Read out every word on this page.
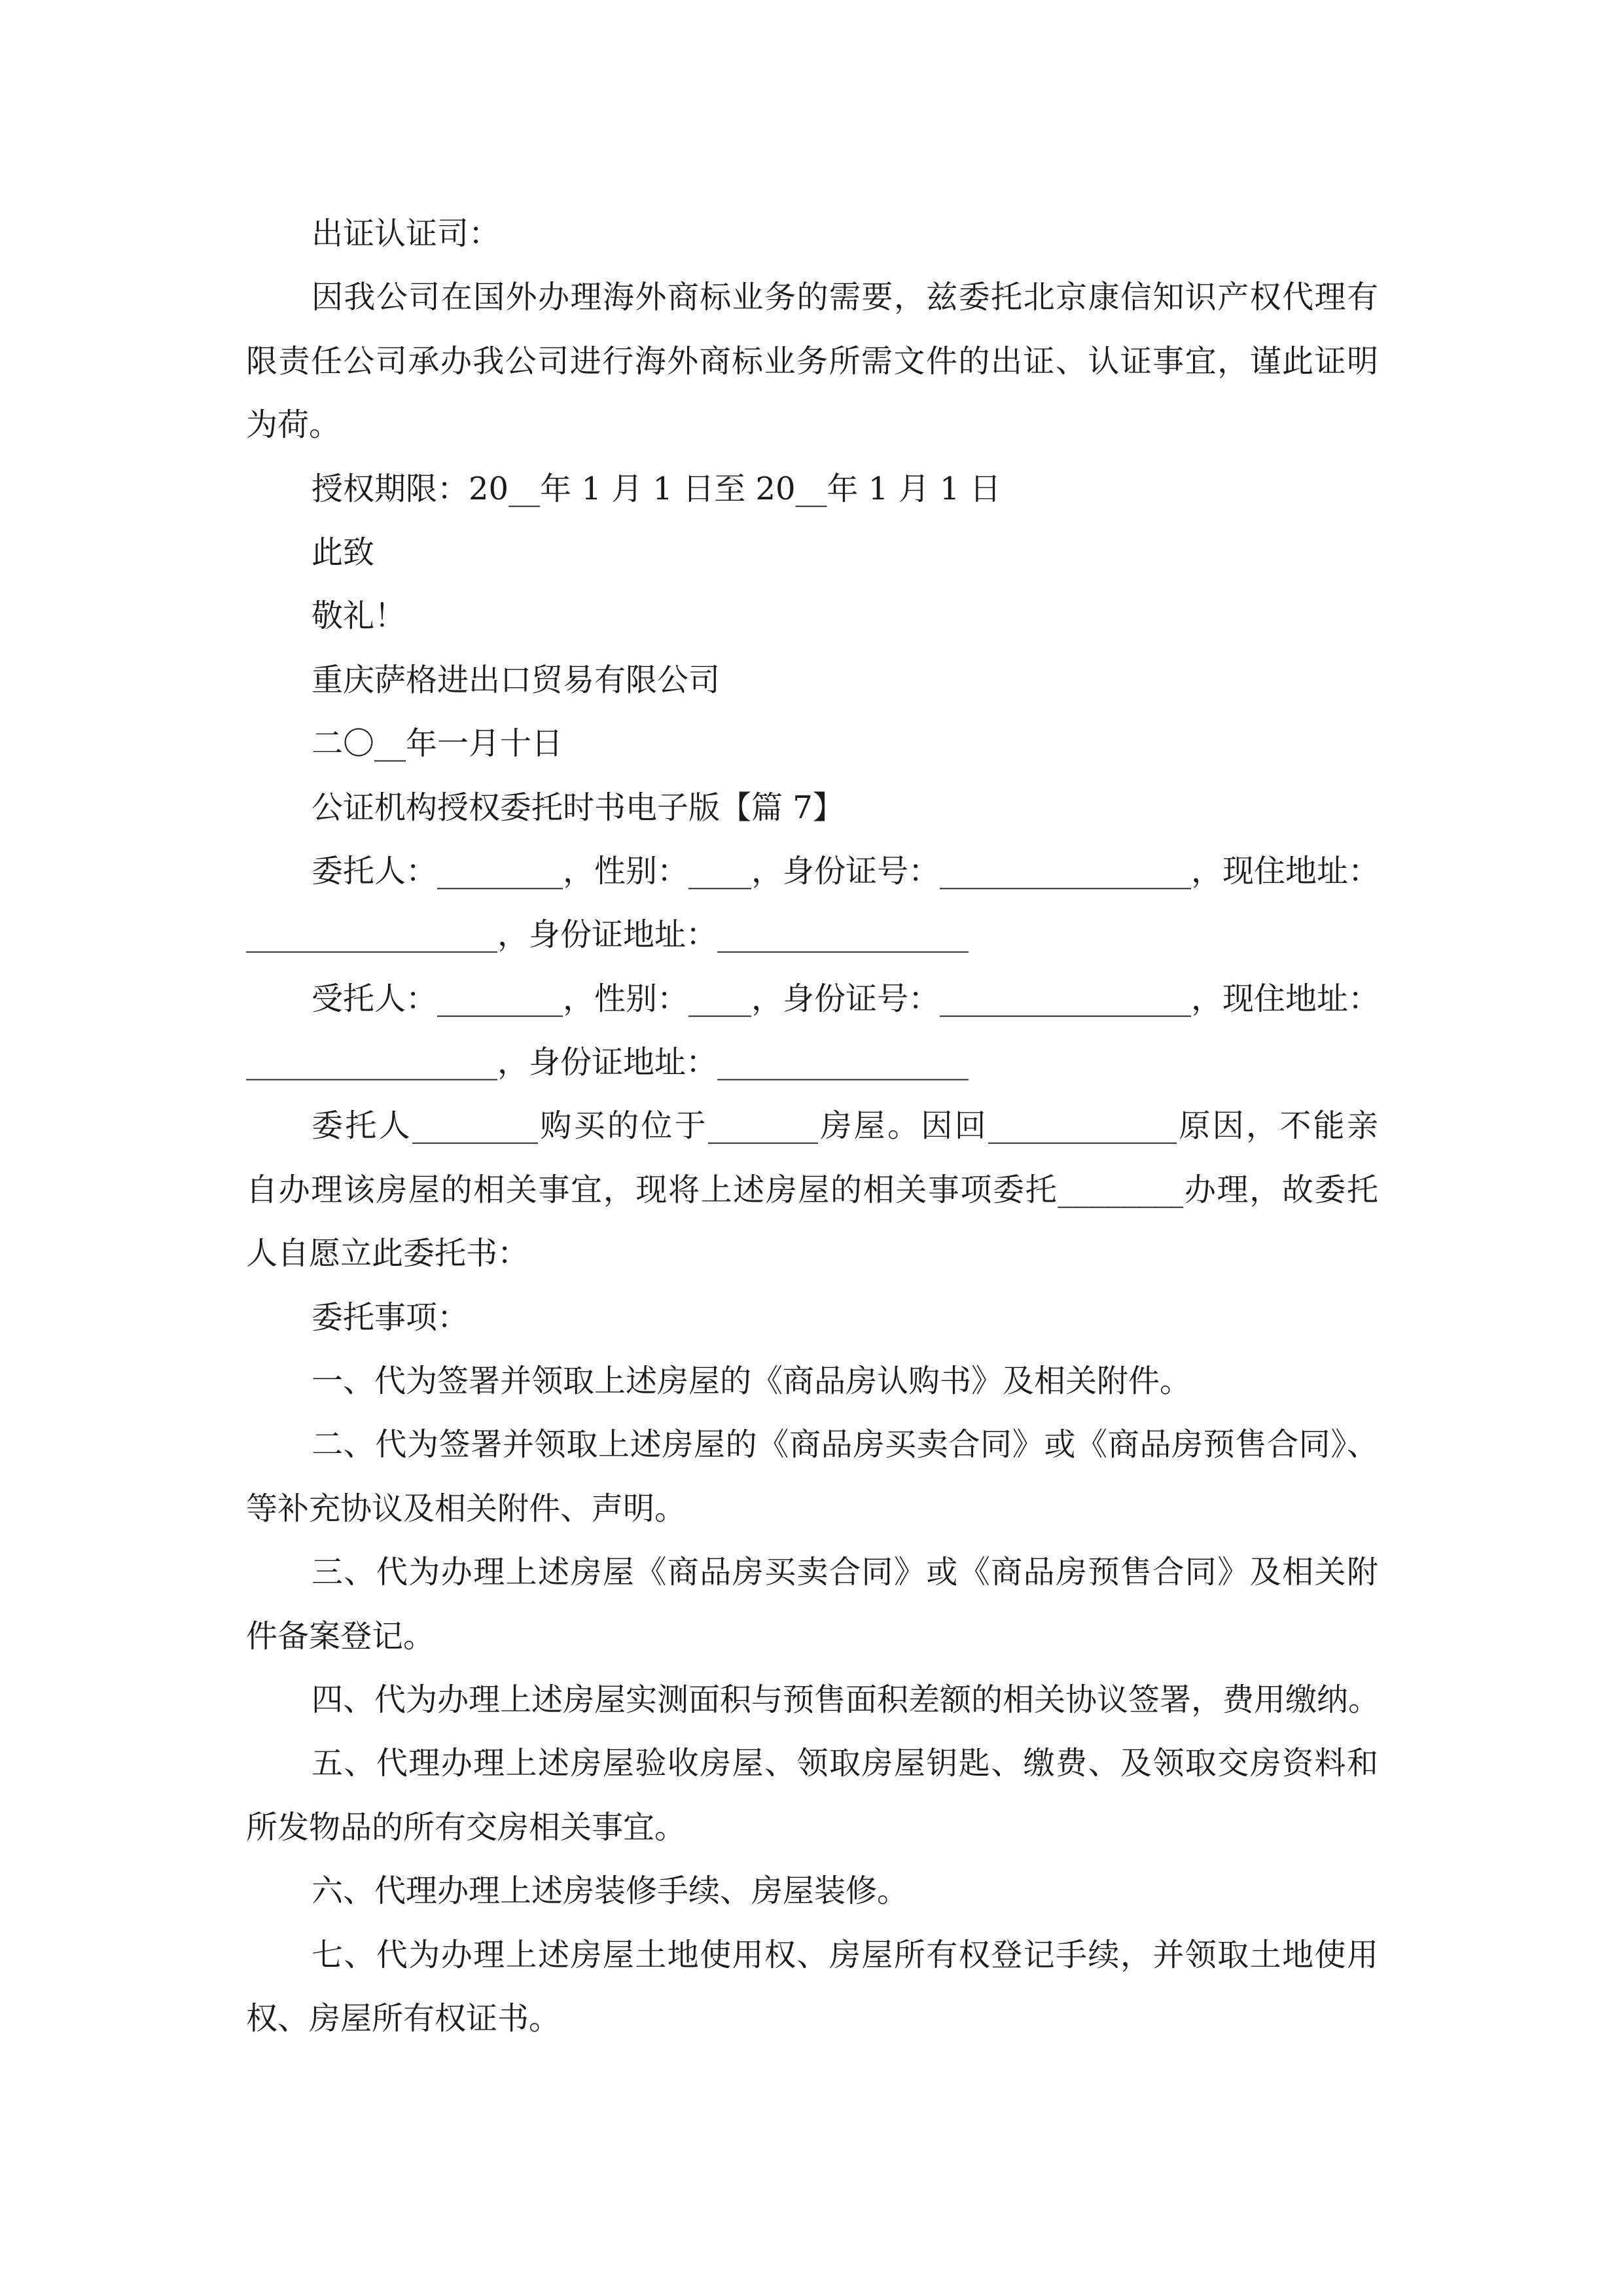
出证认证司：
因我公司在国外办理海外商标业务的需要，兹委托北京康信知识产权代理有
限责任公司承办我公司进行海外商标业务所需文件的出证、认证事宜，谨此证明
为荷。
授权期限：20__年 1 月 1 日至 20__年 1 月 1 日
此致
敬礼！
重庆萨格进出口贸易有限公司
二〇__年一月十日
公证机构授权委托时书电子版【篇 7】
委托人：________，性别：____，身份证号：________________，现住地址：
________________，身份证地址：________________
受托人：________，性别：____，身份证号：________________，现住地址：
________________，身份证地址：________________
委托人________购买的位于_______房屋。因回____________原因，不能亲
自办理该房屋的相关事宜，现将上述房屋的相关事项委托________办理，故委托
人自愿立此委托书：
委托事项：
一、代为签署并领取上述房屋的《商品房认购书》及相关附件。
二、代为签署并领取上述房屋的《商品房买卖合同》或《商品房预售合同》、
等补充协议及相关附件、声明。
三、代为办理上述房屋《商品房买卖合同》或《商品房预售合同》及相关附
件备案登记。
四、代为办理上述房屋实测面积与预售面积差额的相关协议签署，费用缴纳。
五、代理办理上述房屋验收房屋、领取房屋钥匙、缴费、及领取交房资料和
所发物品的所有交房相关事宜。
六、代理办理上述房装修手续、房屋装修。
七、代为办理上述房屋土地使用权、房屋所有权登记手续，并领取土地使用
权、房屋所有权证书。
